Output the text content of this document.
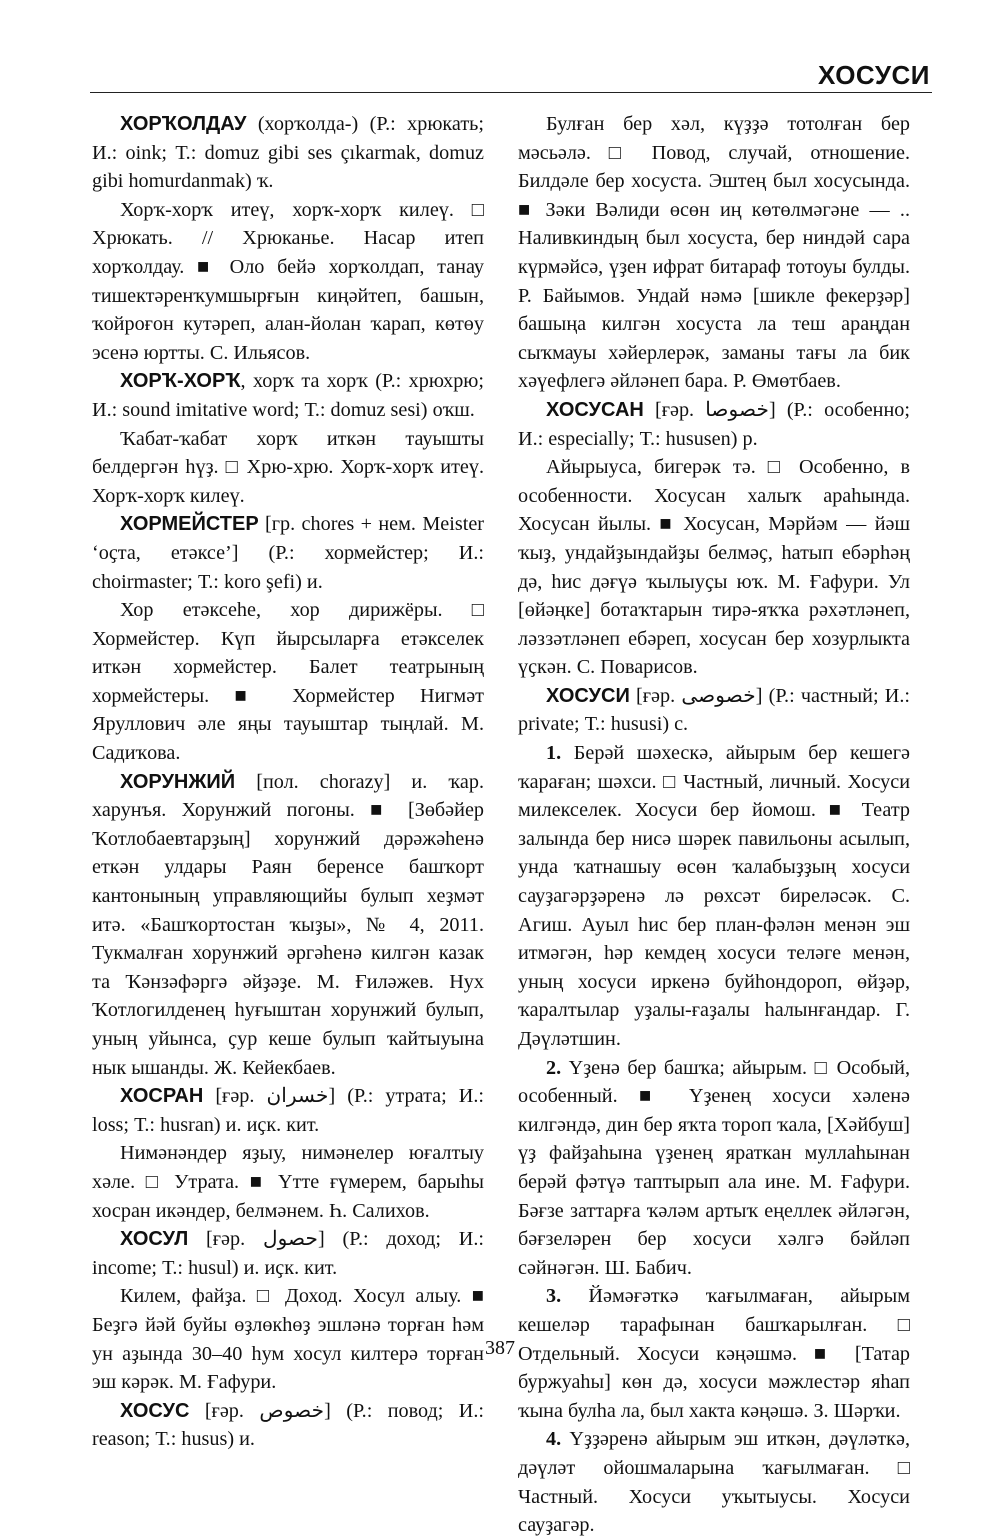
ХОСУСИ

ХОРҠОЛДАУ (хорҡолда-) (Р.: хрюкать; И.: oink; Т.: domuz gibi ses çıkarmak, domuz gibi homurdanmak) ҡ.

Хорҡ-хорҡ итеү, хорҡ-хорҡ килеү. □ Хрюкать. // Хрюканье. Насар итеп хорҡолдау. ■ Оло бейә хорҡолдап, танау тишектәренҡумшырғын киңәйтеп, башын, ҡойроғон кутәреп, алан-йолан ҡарап, көтөу эсенә юртты. С. Ильясов.

ХОРҠ-ХОРҠ, хорҡ та хорҡ (Р.: хрюхрю; И.: sound imitative word; Т.: domuz sesi) оҡш.

Ҡабат-ҡабат хорҡ иткән тауышты белдергән һүҙ. □ Хрю-хрю. Хорҡ-хорҡ итеү. Хорҡ-хорҡ килеү.

ХОРМЕЙСТЕР [гр. chores + нем. Meister ‘оҫта, етәксе’] (Р.: хормейстер; И.: choirmaster; Т.: koro şefi) и.

Хор етәксеһе, хор дирижёры. □ Хормейстер. Күп йырсыларға етәкселек иткән хормейстер. Балет театрының хормейстеры. ■ Хормейстер Нигмәт Яруллович әле яңы тауыштар тыңлай. М. Садиҡова.

ХОРУНЖИЙ [пол. chorazy] и. ҡар. харунъя. Хорунжий погоны. ■ [Зөбәйер Ҡотлобаевтарҙың] хорунжий дәрәжәһенә еткән улдары Раян беренсе башҡорт кантонының управляющийы булып хеҙмәт итә. «Башҡортостан ҡыҙы», № 4, 2011. Тукмалған хорунжий әргәһенә килгән казак та Ҡәнзәфәргә әйҙәҙе. М. Ғиләжев. Нух Ҡотлогилденең һуғыштан хорунжий булып, уның уйынса, ҫур кеше булып ҡайтыуына нык ышанды. Ж. Кейекбаев.

ХОСРАН [ғәр. خسران] (Р.: утрата; И.: loss; Т.: husran) и. иҫк. кит.

Нимәнәндер яҙыу, нимәнелер юғалтыу хәле. □ Утрата. ■ Үтте ғүмерем, барыһы хосран икәндер, белмәнем. Һ. Салихов.

ХОСУЛ [ғәр. حصول] (Р.: доход; И.: income; Т.: husul) и. иҫк. кит.

Килем, файҙа. □ Доход. Хосул алыу. ■ Беҙгә йәй буйы өҙлөкһөҙ эшләнә торған һәм ун аҙында 30–40 һум хосул килтерә торған эш кәрәк. М. Ғафури.

ХОСУС [ғәр. خصوص] (Р.: повод; И.: reason; Т.: husus) и.

Булған бер хәл, күҙҙә тотолған бер мәсьәлә. □ Повод, случай, отношение. Билдәле бер хосуста. Эштең был хосусында. ■ Зәки Вәлиди өсөн иң көтөлмәгәне — .. Наливкиндың был хосуста, бер ниндәй сара күрмәйсә, үҙен ифрат битараф тотоуы булды. Р. Байымов. Ундай нәмә [шикле фекерҙәр] башыңа килгән хосуста ла теш араңдан сыҡмауы хәйерлерәк, заманы тағы ла бик хәүефлегә әйләнеп бара. Р. Өмөтбаев.

ХОСУСАН [ғәр. خصوصا] (Р.: особенно; И.: especially; Т.: hususen) р.

Айырыуса, бигерәк тә. □ Особенно, в особенности. Хосусан халыҡ араһында. Хосусан йылы. ■ Хосусан, Мәрйәм — йәш ҡыҙ, ундайҙындайҙы белмәҫ, һатып ебәрһәң дә, һис дәғүә ҡылыуҫы юҡ. М. Ғафури. Ул [өйәңке] ботаҡтарын тирә-яҡҡа рәхәтләнеп, ләззәтләнеп ебәреп, хосусан бер хозурлыкта үҫкән. С. Поварисов.

ХОСУСИ [ғәр. خصوصى] (Р.: частный; И.: private; Т.: hususi) с.

1. Берәй шәхескә, айырым бер кешегә ҡараған; шәхси. □ Частный, личный. Хосуси милекселек. Хосуси бер йомош. ■ Театр залында бер нисә шәрек павильоны асылып, унда ҡатнашыу өсөн ҡалабыҙҙың хосуси сауҙагәрҙәренә лә рөхсәт биреләсәк. С. Агиш. Ауыл һис бер план-фәлән менән эш итмәгән, һәр кемдең хосуси теләге менән, уның хосуси иркенә буйһондороп, өйҙәр, ҡаралтылар уҙалы-ғаҙалы һалынғандар. Г. Дәүләтшин.

2. Үҙенә бер башҡа; айырым. □ Особый, особенный. ■ Үҙенең хосуси хәленә килгәндә, дин бер яҡта тороп ҡала, [Хәйбуш] үҙ файҙаһына үҙенең яраткан муллаһынан берәй фәтүә таптырып ала ине. М. Ғафури. Бәғзе заттарға ҡәләм артыҡ еңеллек әйләгән, бәғзеләрен бер хосуси хәлгә бәйләп сәйнәгән. Ш. Бабич.

3. Йәмәғәткә ҡағылмаған, айырым кешеләр тарафынан башҡарылған. □ Отдельный. Хосуси кәңәшмә. ■ [Татар буржуаһы] көн дә, хосуси мәжлестәр яһап ҡына булһа ла, был хакта кәңәшә. З. Шәрҡи.

4. Үҙҙәренә айырым эш иткән, дәүләткә, дәүләт ойошмаларына ҡағылмаған. □ Частный. Хосуси уҡытыусы. Хосуси сауҙагәр.

387
